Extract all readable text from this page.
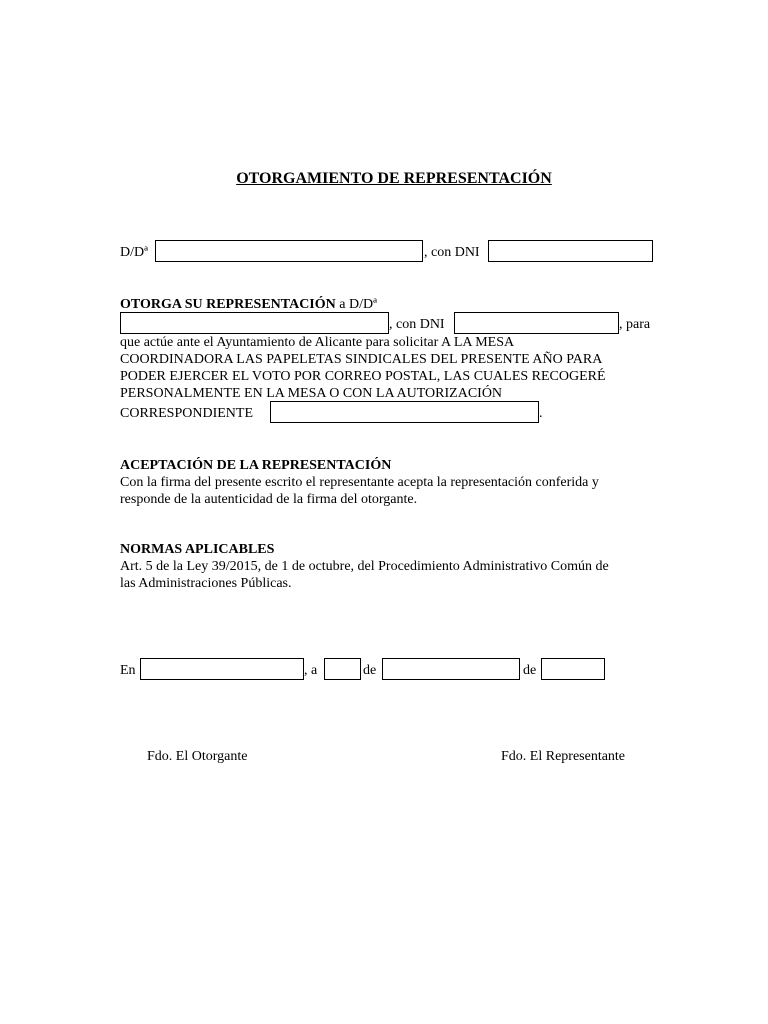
OTORGAMIENTO DE REPRESENTACIÓN
D/Dª	, con DNI
OTORGA SU REPRESENTACIÓN a D/Dª
, con DNI	, para
que actúe ante el Ayuntamiento de Alicante para solicitar A LA MESA
COORDINADORA LAS PAPELETAS SINDICALES DEL PRESENTE AÑO PARA
PODER EJERCER EL VOTO POR CORREO POSTAL, LAS CUALES RECOGERÉ
PERSONALMENTE EN LA MESA O CON LA AUTORIZACIÓN
CORRESPONDIENTE	.
ACEPTACIÓN DE LA REPRESENTACIÓN
Con la firma del presente escrito el representante acepta la representación conferida y
responde de la autenticidad de la firma del otorgante.
NORMAS APLICABLES
Art. 5 de la Ley 39/2015, de 1 de octubre, del Procedimiento Administrativo Común de
las Administraciones Públicas.
En	, a	de	de
Fdo. El Otorgante	Fdo. El Representante
